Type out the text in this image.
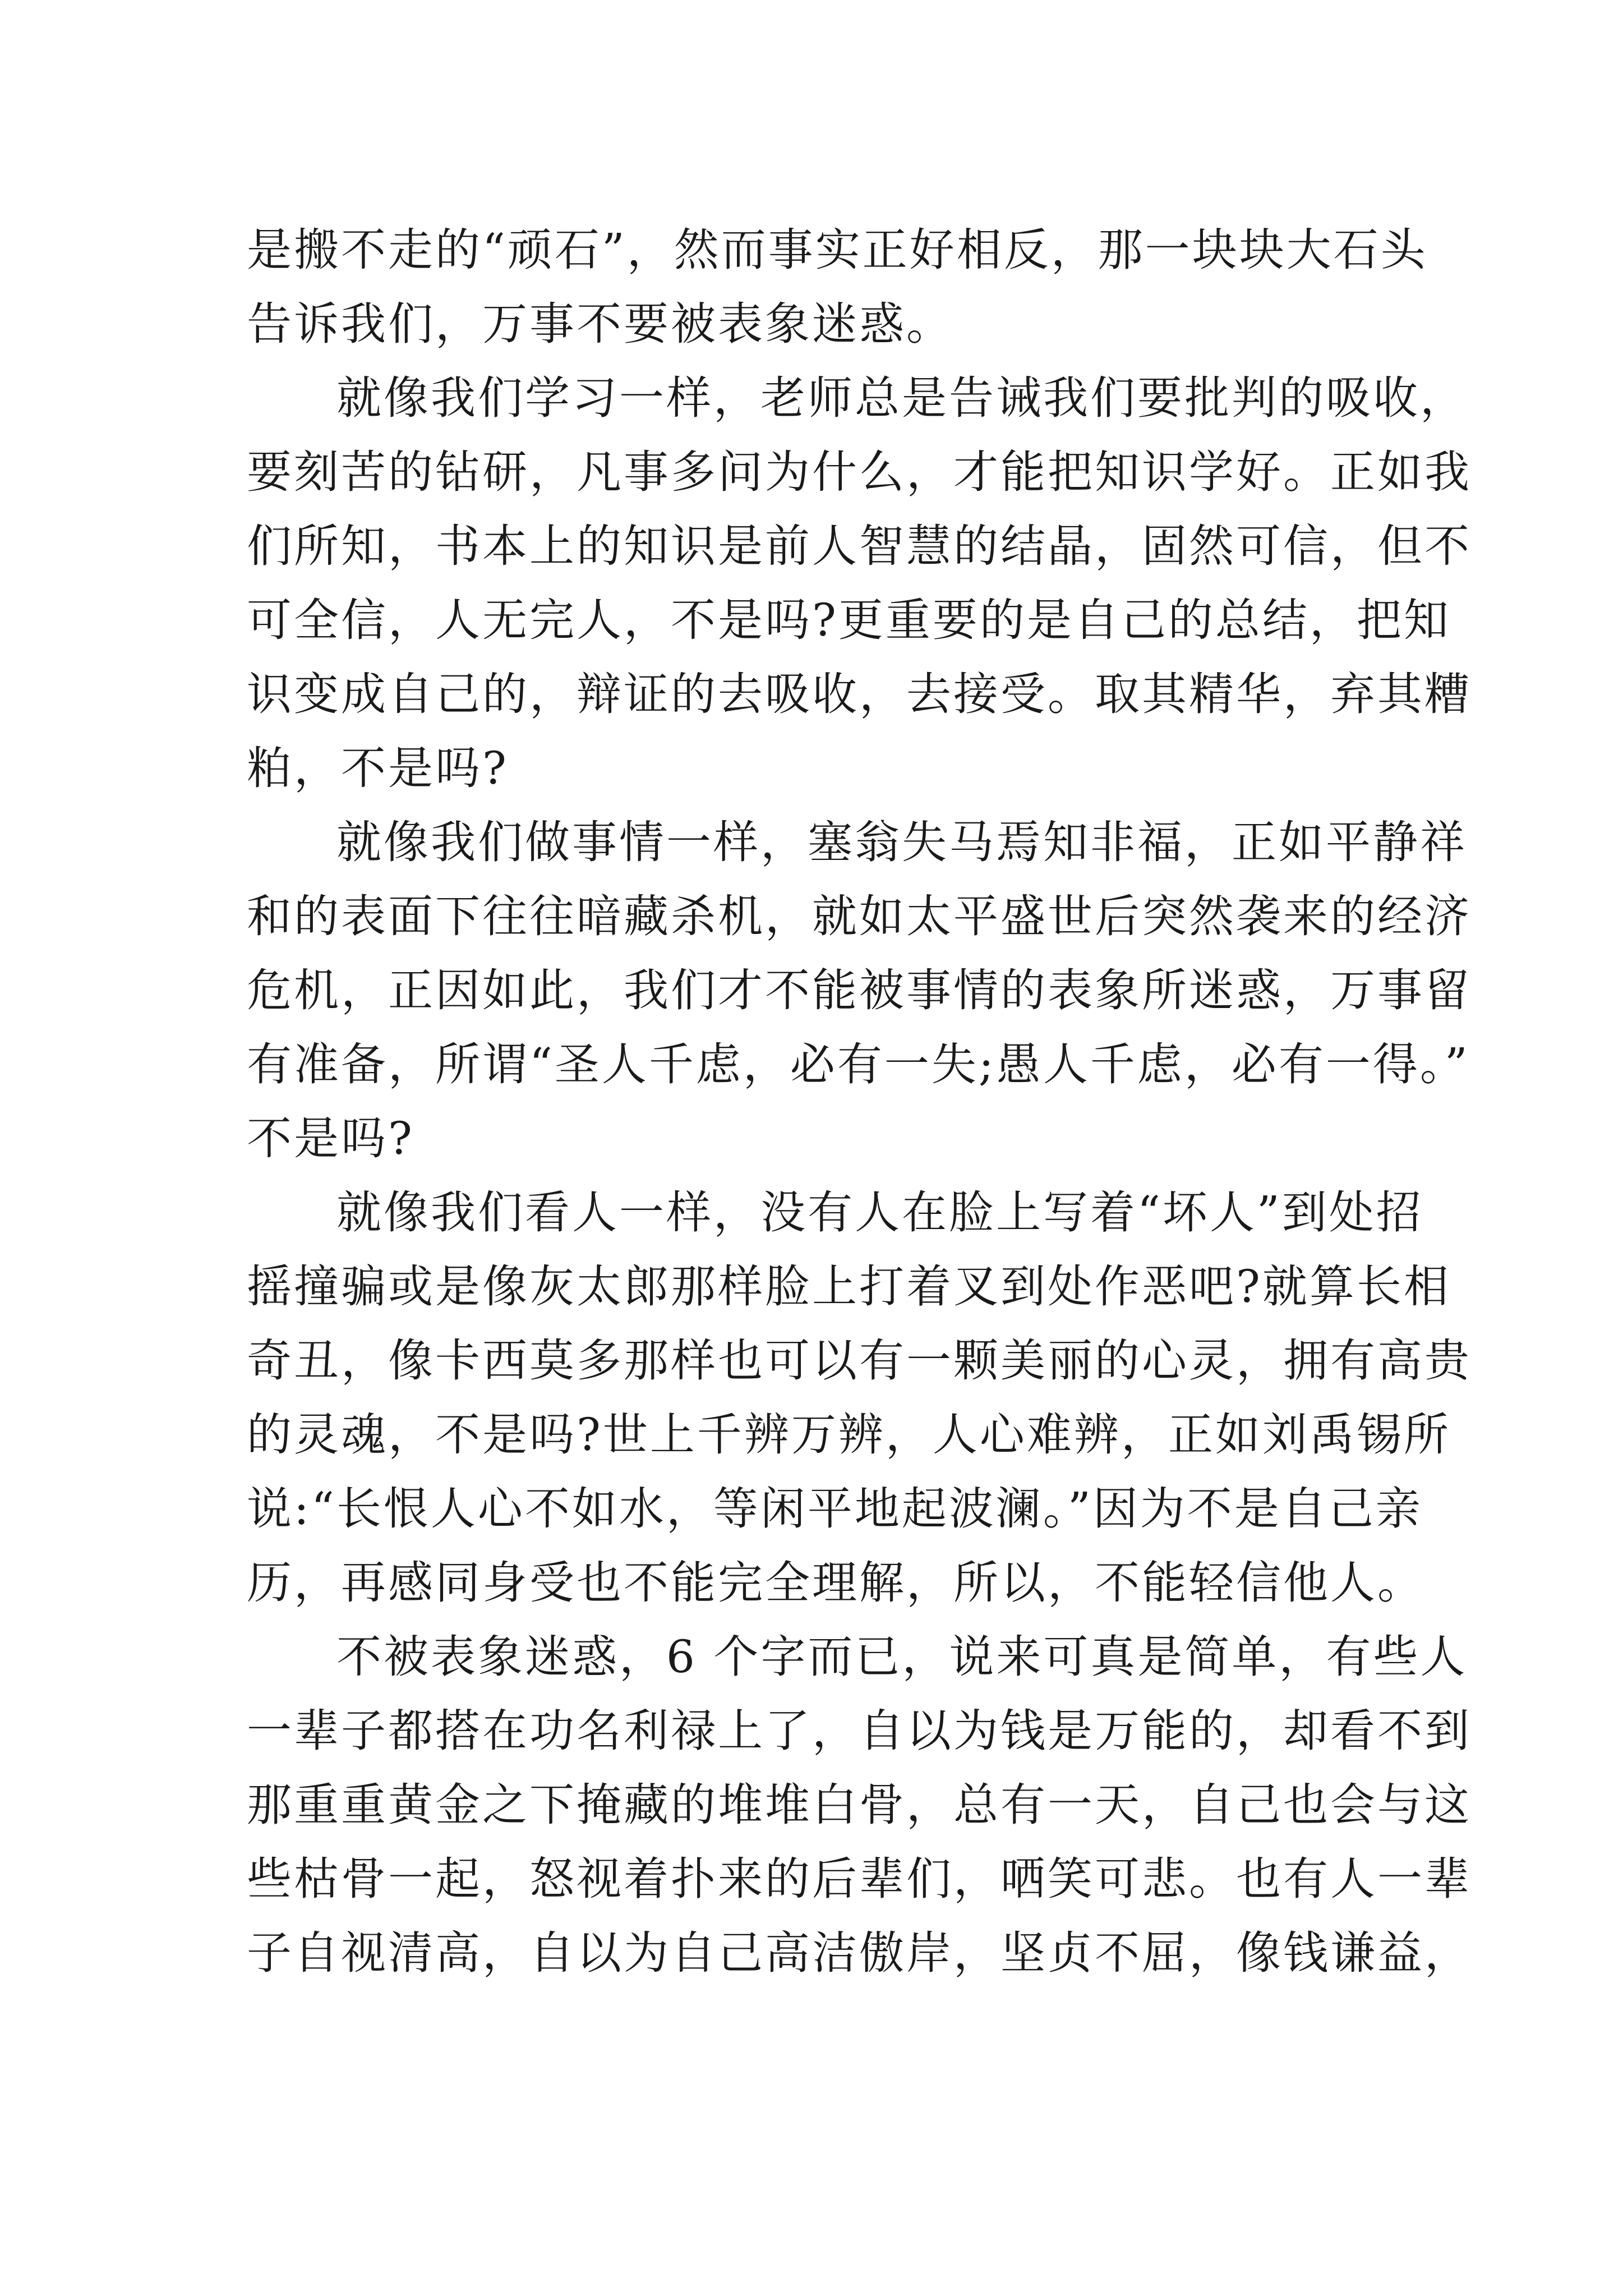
是搬不走的“顽石”，然而事实正好相反，那一块块大石头
告诉我们，万事不要被表象迷惑。
就像我们学习一样，老师总是告诫我们要批判的吸收，
要刻苦的钻研，凡事多问为什么，才能把知识学好。正如我
们所知，书本上的知识是前人智慧的结晶，固然可信，但不
可全信，人无完人，不是吗?更重要的是自己的总结，把知
识变成自己的，辩证的去吸收，去接受。取其精华，弃其糟
粕，不是吗?
就像我们做事情一样，塞翁失马焉知非福，正如平静祥
和的表面下往往暗藏杀机，就如太平盛世后突然袭来的经济
危机，正因如此，我们才不能被事情的表象所迷惑，万事留
有准备，所谓“圣人千虑，必有一失;愚人千虑，必有一得。”
不是吗?
就像我们看人一样，没有人在脸上写着“坏人”到处招
摇撞骗或是像灰太郎那样脸上打着叉到处作恶吧?就算长相
奇丑，像卡西莫多那样也可以有一颗美丽的心灵，拥有高贵
的灵魂，不是吗?世上千辨万辨，人心难辨，正如刘禹锡所
说:“长恨人心不如水，等闲平地起波澜。”因为不是自己亲
历，再感同身受也不能完全理解，所以，不能轻信他人。
不被表象迷惑，6 个字而已，说来可真是简单，有些人
一辈子都搭在功名利禄上了，自以为钱是万能的，却看不到
那重重黄金之下掩藏的堆堆白骨，总有一天，自己也会与这
些枯骨一起，怒视着扑来的后辈们，哂笑可悲。也有人一辈
子自视清高，自以为自己高洁傲岸，坚贞不屈，像钱谦益，
